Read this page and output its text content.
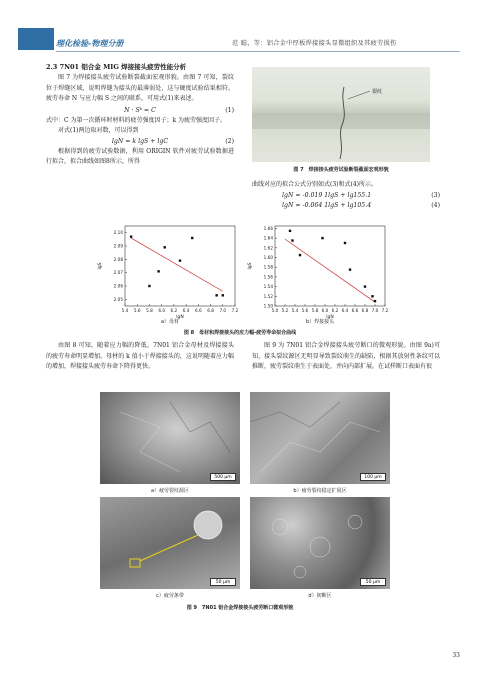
理化检验-物理分册	范 聪，等：铝合金中厚板焊接接头显微组织及其疲劳损伤
2.3 7N01 铝合金 MIG 焊接接头疲劳性能分析
图 7 为焊接接头疲劳试验断裂截面宏观形貌。由图 7 可知，裂纹位于焊缝区域，说明焊缝为接头的最薄弱处，这与硬度试验结果相符。疲劳寿命 N 与应力幅 S 之间的联系，可用式(1)来表述。
N · Sᵏ = C	(1)
式中：C 为第一次循环时材料的疲劳强度因子；k 为疲劳强度因子。
对式(1)两边取对数，可以得到
lgN = k lgS + lgC	(2)
根据得到的疲劳试验数据，利用 ORIGIN 软件对疲劳试验数据进行拟合，拟合曲线如图8所示，所得
裂纹
图 7　焊接接头疲劳试验断裂截面宏观形貌
曲线对应的拟合公式分别如式(3)和式(4)所示。
lgN = -0.019 1lgS + lg155.1	(3)
lgN = -0.064 1lgS + lg105.4	(4)
5.4 5.6 5.8 6.0 6.2 6.4 6.6 6.8 7.0 7.2
2.05
2.06
2.07
2.08
2.09
2.10
lgN
lgS
a）母材
5.0 5.2 5.4 5.6 5.8 6.0 6.2 6.4 6.6 6.8 7.0 7.2
1.50
1.52
1.54
1.56
1.58
1.60
1.62
1.64
1.66
lgN
lgS
b）焊接接头
图 8　母材和焊接接头的应力幅-疲劳寿命拟合曲线
由图 8 可知，随着应力幅的降低，7N01 铝合金母材及焊接接头的疲劳寿命明显增加。母材的 k 值小于焊接接头的，这说明随着应力幅的增加，焊接接头疲劳寿命下降得更快。
图 9 为 7N01 铝合金焊接接头疲劳断口的微观形貌。由图 9a)可知，接头裂纹源区无明显导致裂纹萌生的缺陷，根据其放射性条纹可以推断，疲劳裂纹萌生于表面处，并向内部扩展。在试样断口表面有很
500 μm
a）疲劳裂纹源区
100 μm
b）疲劳裂纹稳定扩展区
50 μm
c）疲劳条带
50 μm
d）韧断区
图 9　7N01 铝合金焊接接头疲劳断口微观形貌
33
